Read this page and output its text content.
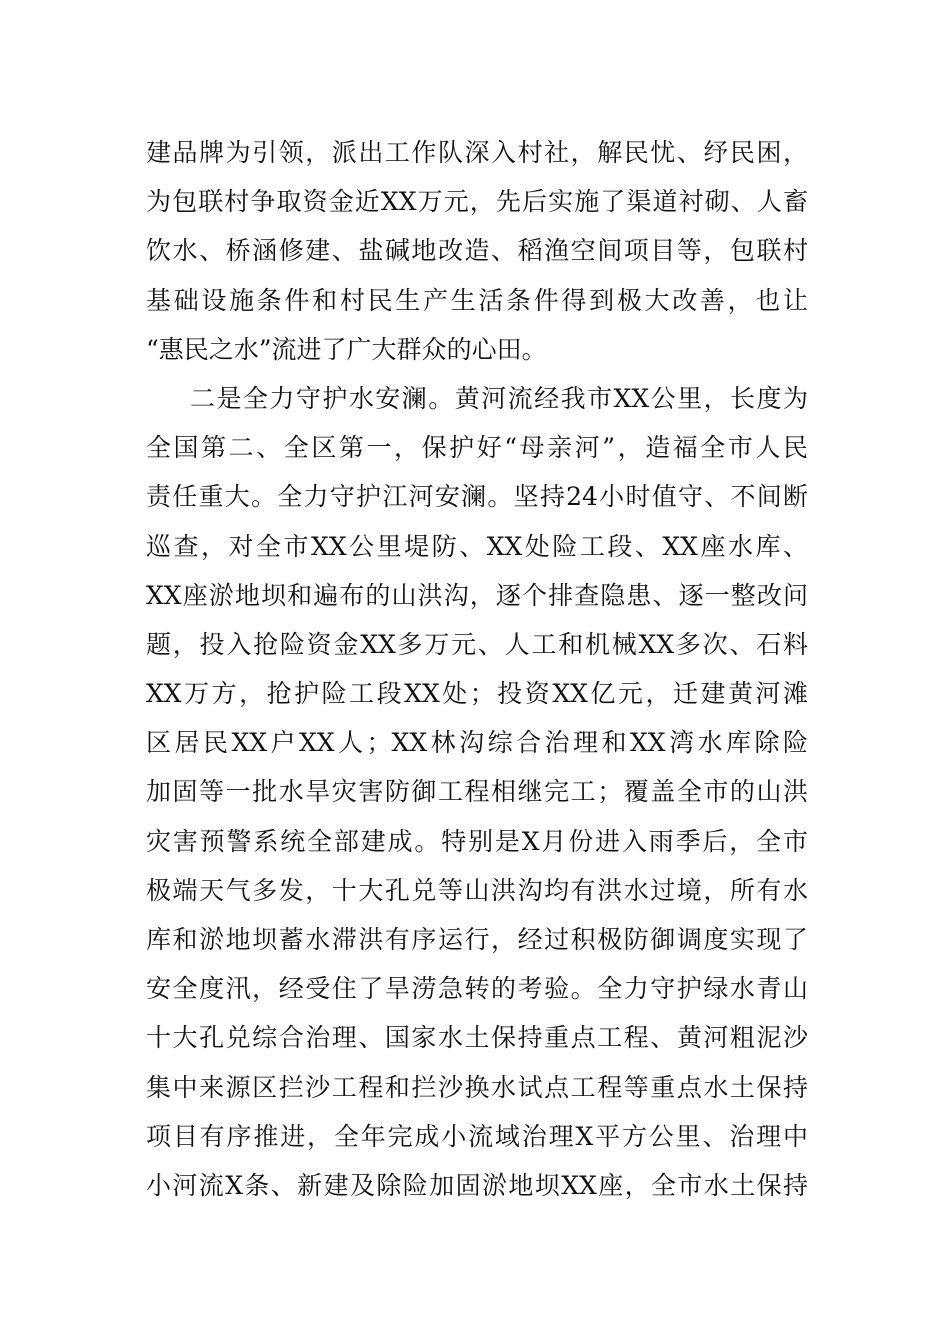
建品牌为引领，派出工作队深入村社，解民忧、纾民困，
为包联村争取资金近XX万元，先后实施了渠道衬砌、人畜
饮水、桥涵修建、盐碱地改造、稻渔空间项目等，包联村
基础设施条件和村民生产生活条件得到极大改善，也让
“惠民之水”流进了广大群众的心田。
二是全力守护水安澜。黄河流经我市XX公里，长度为
全国第二、全区第一，保护好“母亲河”，造福全市人民
责任重大。全力守护江河安澜。坚持24小时值守、不间断
巡查，对全市XX公里堤防、XX处险工段、XX座水库、
XX座淤地坝和遍布的山洪沟，逐个排查隐患、逐一整改问
题，投入抢险资金XX多万元、人工和机械XX多次、石料
XX万方，抢护险工段XX处；投资XX亿元，迁建黄河滩
区居民XX户XX人；XX林沟综合治理和XX湾水库除险
加固等一批水旱灾害防御工程相继完工；覆盖全市的山洪
灾害预警系统全部建成。特别是X月份进入雨季后，全市
极端天气多发，十大孔兑等山洪沟均有洪水过境，所有水
库和淤地坝蓄水滞洪有序运行，经过积极防御调度实现了
安全度汛，经受住了旱涝急转的考验。全力守护绿水青山
十大孔兑综合治理、国家水土保持重点工程、黄河粗泥沙
集中来源区拦沙工程和拦沙换水试点工程等重点水土保持
项目有序推进，全年完成小流域治理X平方公里、治理中
小河流X条、新建及除险加固淤地坝XX座，全市水土保持
